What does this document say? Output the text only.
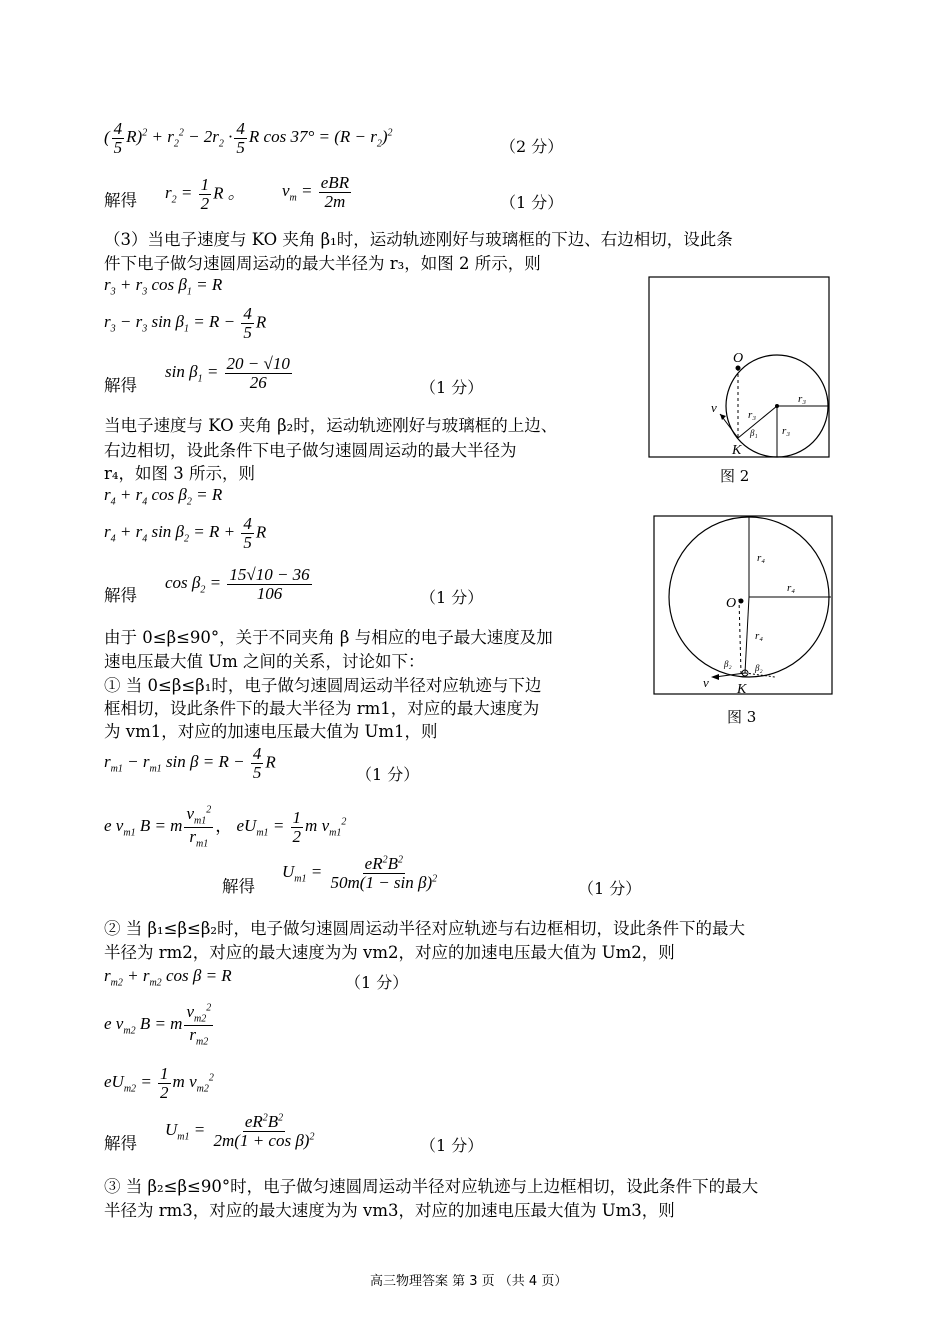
( $\frac{4}{5} R)^2 + r_2^2 - 2r_2 \cdot \frac{4}{5}$ R $\cos 37^\circ = (R - r_2)^2$
（2 分）
解得 $r_2 = \frac{1}{2}$ R 。 $v_m = \frac{\text{eBR}}{2m}$	（1 分）
（3）当电子速度与 KO 夹角 β₁时，运动轨迹刚好与玻璃框的下边、右边相切，设此条
件下电子做匀速圆周运动的最大半径为 r₃，如图 2 所示，则
$r_3 + r_3$ $\cos \beta_1 = R$
$r_3 - r_3$ $\sin \beta_1 = R - \frac{4}{5}$ R
解得
$\sin \beta_1 = \frac{20 - √10}{26}$	（1 分）
当电子速度与 KO 夹角 β₂时，运动轨迹刚好与玻璃框的上边、
右边相切，设此条件下电子做匀速圆周运动的最大半径为
r₄，如图 3 所示，则
$r_4 + r_4$ $\cos \beta_2 = R$
$r_4 + r_4$ $\sin \beta_2 = R + \frac{4}{5}$ R
解得
$\cos \beta_2 = \frac{15√10 - 36}{106}$	（1 分）
由于 0≤β≤90°，关于不同夹角 β 与相应的电子最大速度及加
速电压最大值 Um 之间的关系，讨论如下：
① 当 0≤β≤β₁时，电子做匀速圆周运动半径对应轨迹与下边
框相切，设此条件下的最大半径为 rm1，对应的最大速度为
为 vm1，对应的加速电压最大值为 Um1，则
$r_{m1} - r_{m1}$ $\sin \beta = R - \frac{4}{5}$ R
（1 分）
e $v_{m1}$ B = m $\frac{v_{m1}^2}{r_{m1}}$ ， $eU_{m1} = \frac{1}{2}$ m $v_{m1}^2$
解得
$U_{m1} = \frac{eR^2B^2}{50m(1 - \sin \beta)^2}$	（1 分）
② 当 β₁≤β≤β₂时，电子做匀速圆周运动半径对应轨迹与右边框相切，设此条件下的最大
半径为 rm2，对应的最大速度为为 vm2，对应的加速电压最大值为 Um2，则
$r_{m2} + r_{m2}$ cos β = R	（1 分）
e $v_{m2}$ B = m $\frac{v_{m2}^2}{r_{m2}}$
$eU_{m2} = \frac{1}{2}$ m $v_{m2}^2$
解得
$U_{m1} = \frac{eR^2B^2}{2m(1 + \cos \beta)^2}$	（1 分）
③ 当 β₂≤β≤90°时，电子做匀速圆周运动半径对应轨迹与上边框相切，设此条件下的最大
半径为 rm3，对应的最大速度为为 vm3，对应的加速电压最大值为 Um3，则
O
K
v	r₃
r₃
r₃
β₁
图 2
O
K
v
r₄
r₄
r₄
β₂	β₂
图 3
高三物理答案 第 3 页 （共 4 页）
